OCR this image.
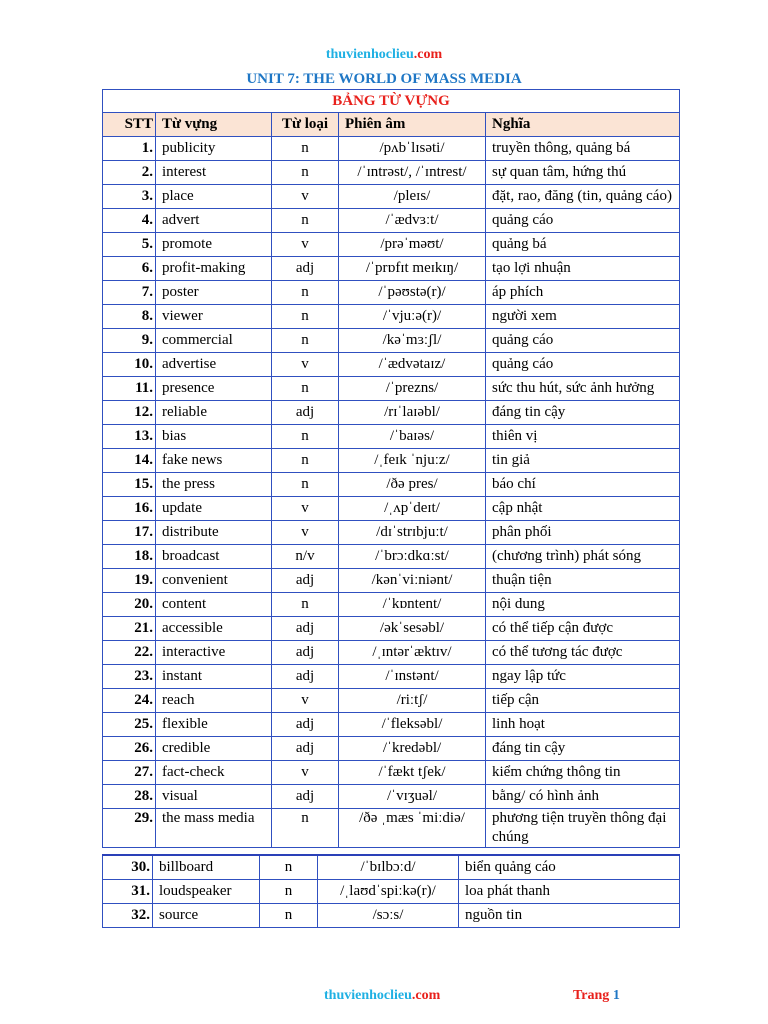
thuvienhoclieu.com
UNIT 7: THE WORLD OF MASS MEDIA
BẢNG TỪ VỰNG				
STT	Từ vựng	Từ loại	Phiên âm	Nghĩa
1.	publicity	n	/pʌbˈlɪsəti/	truyền thông, quảng bá
2.	interest	n	/ˈɪntrəst/, /ˈɪntrest/	sự quan tâm, hứng thú
3.	place	v	/pleɪs/	đặt, rao, đăng (tin, quảng cáo)
4.	advert	n	/ˈædvɜːt/	quảng cáo
5.	promote	v	/prəˈməʊt/	quảng bá
6.	profit-making	adj	/ˈprɒfɪt meɪkɪŋ/	tạo lợi nhuận
7.	poster	n	/ˈpəʊstə(r)/	áp phích
8.	viewer	n	/ˈvjuːə(r)/	người xem
9.	commercial	n	/kəˈmɜːʃl/	quảng cáo
10.	advertise	v	/ˈædvətaɪz/	quảng cáo
11.	presence	n	/ˈprezns/	sức thu hút, sức ảnh hưởng
12.	reliable	adj	/rɪˈlaɪəbl/	đáng tin cậy
13.	bias	n	/ˈbaɪəs/	thiên vị
14.	fake news	n	/ˌfeɪk ˈnjuːz/	tin giả
15.	the press	n	/ðə pres/	báo chí
16.	update	v	/ˌʌpˈdeɪt/	cập nhật
17.	distribute	v	/dɪˈstrɪbjuːt/	phân phối
18.	broadcast	n/v	/ˈbrɔːdkɑːst/	(chương trình) phát sóng
19.	convenient	adj	/kənˈviːniənt/	thuận tiện
20.	content	n	/ˈkɒntent/	nội dung
21.	accessible	adj	/əkˈsesəbl/	có thể tiếp cận được
22.	interactive	adj	/ˌɪntərˈæktɪv/	có thể tương tác được
23.	instant	adj	/ˈɪnstənt/	ngay lập tức
24.	reach	v	/riːtʃ/	tiếp cận
25.	flexible	adj	/ˈfleksəbl/	linh hoạt
26.	credible	adj	/ˈkredəbl/	đáng tin cậy
27.	fact-check	v	/ˈfækt tʃek/	kiểm chứng thông tin
28.	visual	adj	/ˈvɪʒuəl/	bằng/ có hình ảnh
29.	the mass media	n	/ðə ˌmæs ˈmiːdiə/	phương tiện truyền thông đại chúng
30.	billboard	n	/ˈbɪlbɔːd/	biển quảng cáo
31.	loudspeaker	n	/ˌlaʊdˈspiːkə(r)/	loa phát thanh
32.	source	n	/sɔːs/	nguồn tin
thuvienhoclieu.com	Trang 1
